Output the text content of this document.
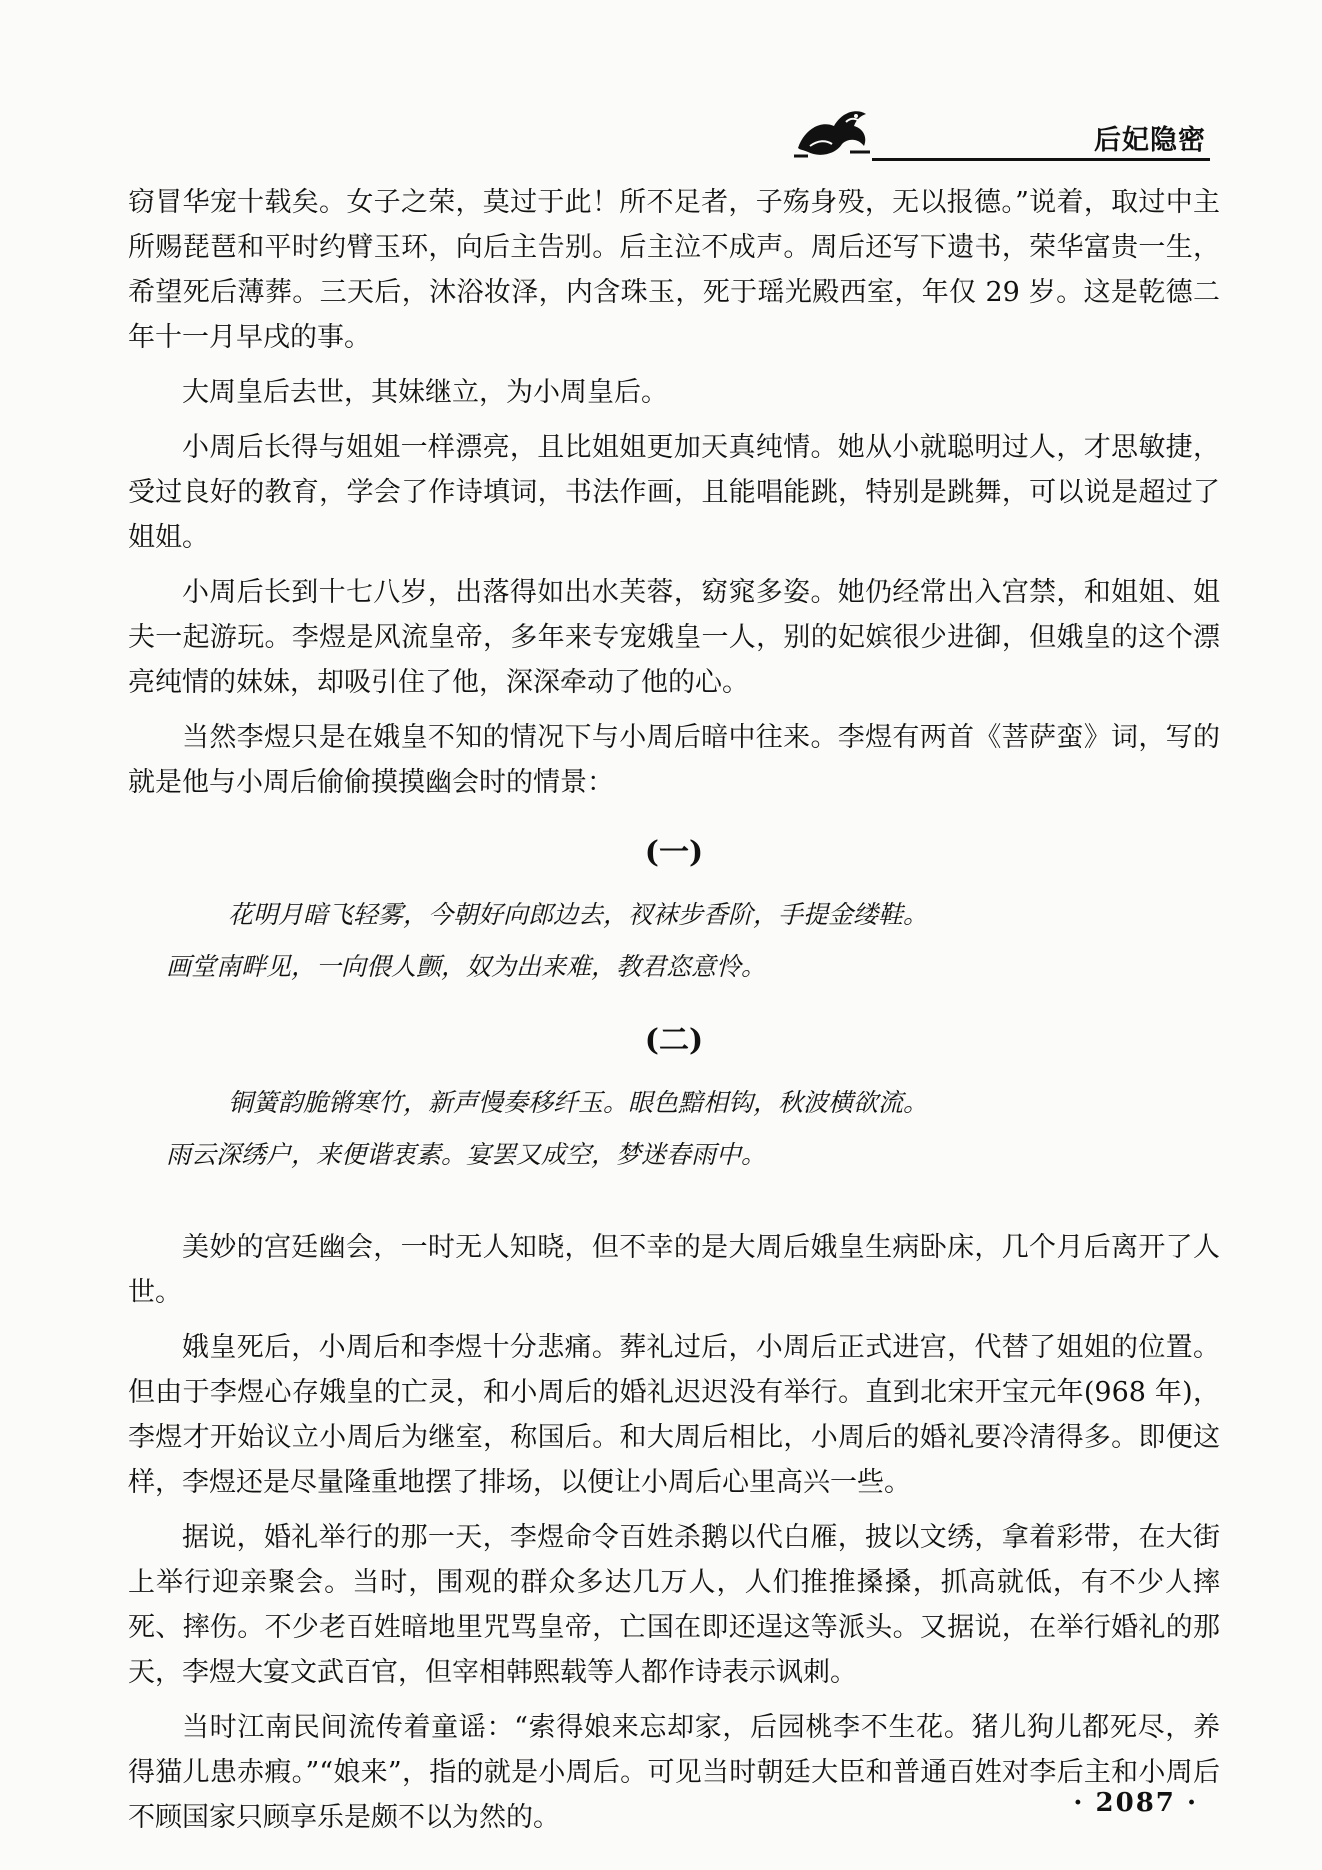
后妃隐密

窃冒华宠十载矣。女子之荣，莫过于此！所不足者，子殇身殁，无以报德。”说着，取过中主所赐琵琶和平时约臂玉环，向后主告别。后主泣不成声。周后还写下遗书，荣华富贵一生，希望死后薄葬。三天后，沐浴妆泽，内含珠玉，死于瑶光殿西室，年仅 29 岁。这是乾德二年十一月早戌的事。

大周皇后去世，其妹继立，为小周皇后。

小周后长得与姐姐一样漂亮，且比姐姐更加天真纯情。她从小就聪明过人，才思敏捷，受过良好的教育，学会了作诗填词，书法作画，且能唱能跳，特别是跳舞，可以说是超过了姐姐。

小周后长到十七八岁，出落得如出水芙蓉，窈窕多姿。她仍经常出入宫禁，和姐姐、姐夫一起游玩。李煜是风流皇帝，多年来专宠娥皇一人，别的妃嫔很少进御，但娥皇的这个漂亮纯情的妹妹，却吸引住了他，深深牵动了他的心。

当然李煜只是在娥皇不知的情况下与小周后暗中往来。李煜有两首《菩萨蛮》词，写的就是他与小周后偷偷摸摸幽会时的情景：

(一)

花明月暗飞轻雾，今朝好向郎边去，衩袜步香阶，手提金缕鞋。

画堂南畔见，一向偎人颤，奴为出来难，教君恣意怜。

(二)

铜簧韵脆锵寒竹，新声慢奏移纤玉。眼色黯相钩，秋波横欲流。

雨云深绣户，来便谐衷素。宴罢又成空，梦迷春雨中。

美妙的宫廷幽会，一时无人知晓，但不幸的是大周后娥皇生病卧床，几个月后离开了人世。

娥皇死后，小周后和李煜十分悲痛。葬礼过后，小周后正式进宫，代替了姐姐的位置。但由于李煜心存娥皇的亡灵，和小周后的婚礼迟迟没有举行。直到北宋开宝元年(968 年)，李煜才开始议立小周后为继室，称国后。和大周后相比，小周后的婚礼要冷清得多。即便这样，李煜还是尽量隆重地摆了排场，以便让小周后心里高兴一些。

据说，婚礼举行的那一天，李煜命令百姓杀鹅以代白雁，披以文绣，拿着彩带，在大街上举行迎亲聚会。当时，围观的群众多达几万人，人们推推搡搡，抓高就低，有不少人摔死、摔伤。不少老百姓暗地里咒骂皇帝，亡国在即还逞这等派头。又据说，在举行婚礼的那天，李煜大宴文武百官，但宰相韩熙载等人都作诗表示讽刺。

当时江南民间流传着童谣：“索得娘来忘却家，后园桃李不生花。猪儿狗儿都死尽，养得猫儿患赤瘕。”“娘来”，指的就是小周后。可见当时朝廷大臣和普通百姓对李后主和小周后不顾国家只顾享乐是颇不以为然的。	· 2087 ·
